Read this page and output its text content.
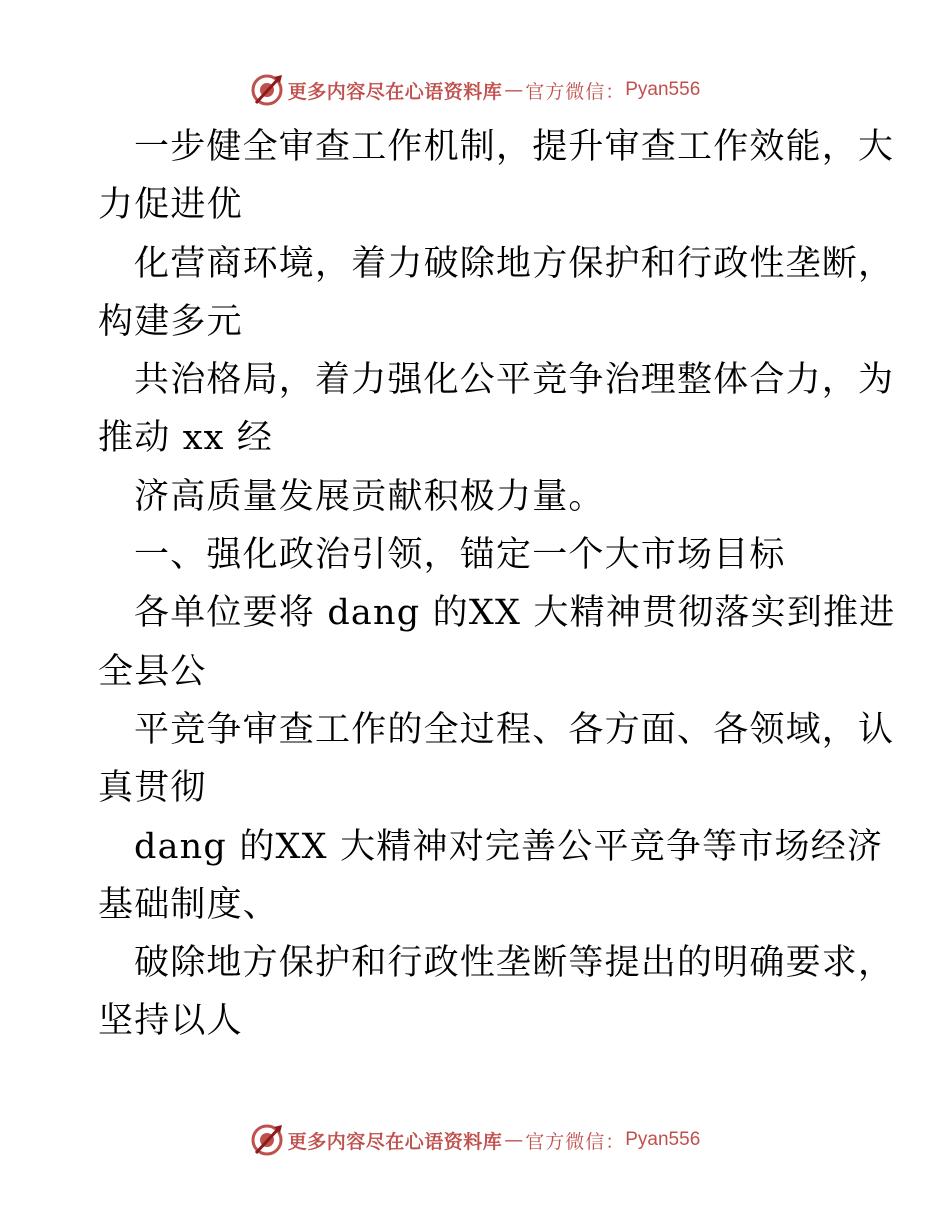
更多内容尽在心语资料库 — 官方微信： Pyan556
一步健全审查工作机制，提升审查工作效能，大
力促进优
化营商环境，着力破除地方保护和行政性垄断，
构建多元
共治格局，着力强化公平竞争治理整体合力，为
推动 xx 经
济高质量发展贡献积极力量。
一、强化政治引领，锚定一个大市场目标
各单位要将 dang 的XX 大精神贯彻落实到推进
全县公
平竞争审查工作的全过程、各方面、各领域，认
真贯彻
dang 的XX 大精神对完善公平竞争等市场经济
基础制度、
破除地方保护和行政性垄断等提出的明确要求，
坚持以人
更多内容尽在心语资料库 — 官方微信： Pyan556
